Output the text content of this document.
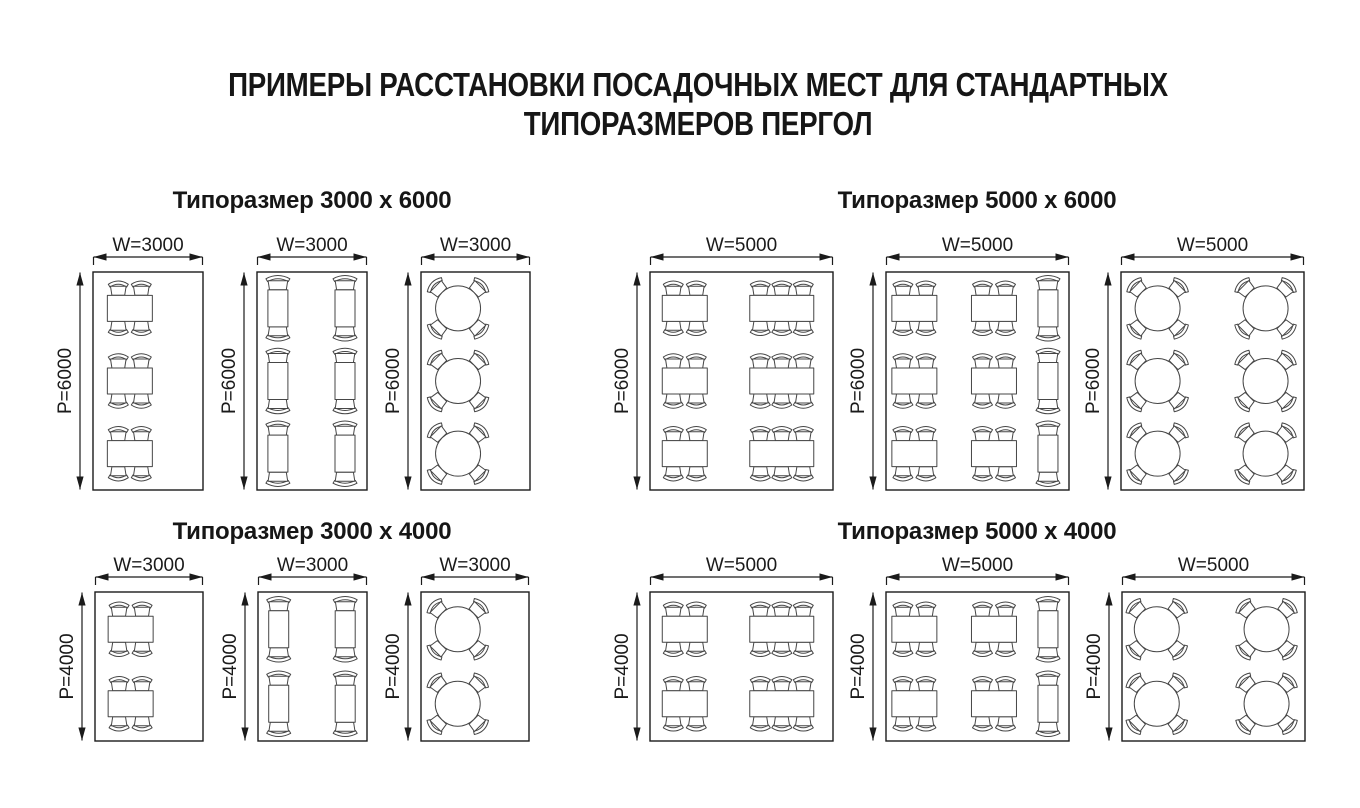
ПРИМЕРЫ РАССТАНОВКИ ПОСАДОЧНЫХ МЕСТ ДЛЯ СТАНДАРТНЫХ
ТИПОРАЗМЕРОВ ПЕРГОЛ
Типоразмер 3000 x 6000	Типоразмер 5000 x 6000
Типоразмер 3000 x 4000	Типоразмер 5000 x 4000
W=3000
P=6000
W=3000
P=6000
W=3000
P=6000
W=5000
P=6000
W=5000
P=6000
W=5000
P=6000
W=3000
P=4000
W=3000
P=4000
W=3000
P=4000
W=5000
P=4000
W=5000
P=4000
W=5000
P=4000
